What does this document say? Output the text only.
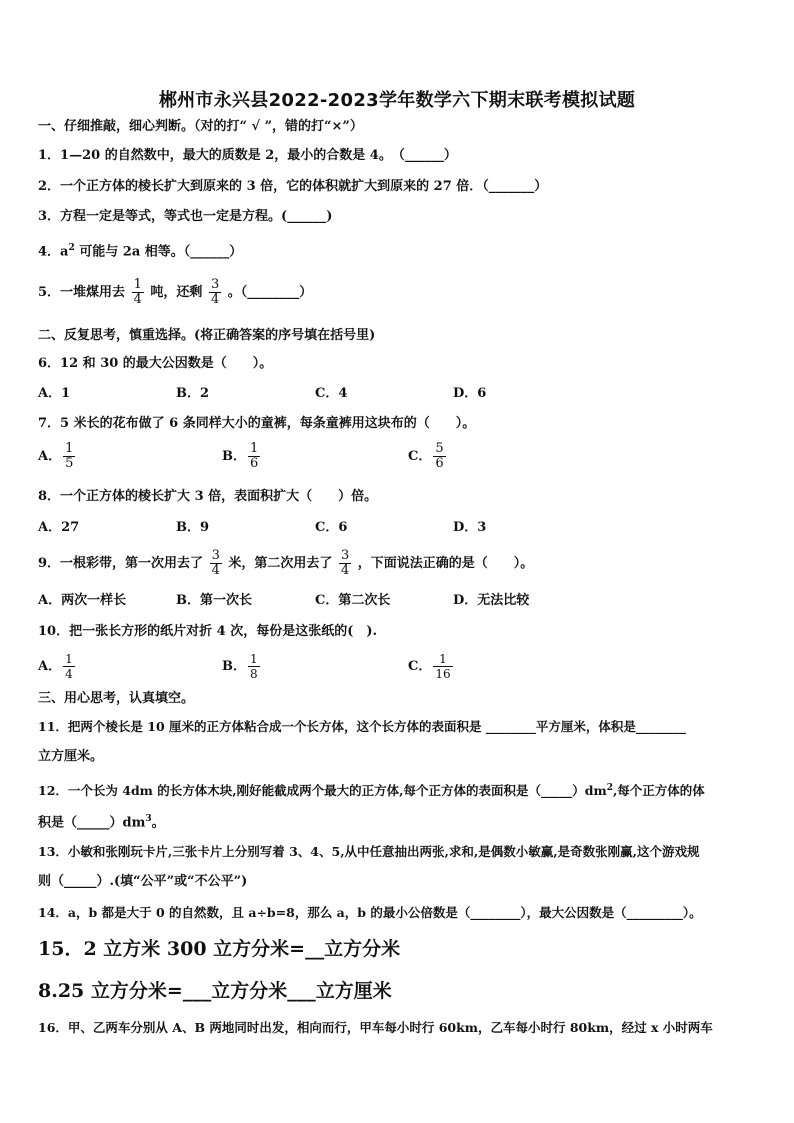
郴州市永兴县2022-2023学年数学六下期末联考模拟试题
一、仔细推敲，细心判断。（对的打“ √ ”，错的打“×”）
1．1—20 的自然数中，最大的质数是 2，最小的合数是 4。　（______）
2．一个正方体的棱长扩大到原来的 3 倍，它的体积就扩大到原来的 27 倍．（_______）
3．方程一定是等式，等式也一定是方程。(______)
4．$a^2$ 可能与 2a 相等。（______）
5．一堆煤用去 $\frac{1}{4}$ 吨，还剩 $\frac{3}{4}$ 。（________）
二、反复思考，慎重选择。(将正确答案的序号填在括号里)
6．12 和 30 的最大公因数是（　　）。
A．1	B．2	C．4	D．6
7．5 米长的花布做了 6 条同样大小的童裤，每条童裤用这块布的（　　）。
A． $\frac{1}{5}$	B． $\frac{1}{6}$	C． $\frac{5}{6}$
8．一个正方体的棱长扩大 3 倍，表面积扩大（　　）倍。
A．27	B．9	C．6	D．3
9．一根彩带，第一次用去了 $\frac{3}{4}$ 米，第二次用去了 $\frac{3}{4}$ ，下面说法正确的是（　　）。
A．两次一样长	B．第一次长	C．第二次长	D．无法比较
10．把一张长方形的纸片对折 4 次，每份是这张纸的(　).
A． $\frac{1}{4}$	B． $\frac{1}{8}$	C． $\frac{1}{16}$
三、用心思考，认真填空。
11．把两个棱长是 10 厘米的正方体粘合成一个长方体，这个长方体的表面积是 ________平方厘米，体积是________
立方厘米。
12．一个长为 4dm 的长方体木块,刚好能截成两个最大的正方体,每个正方体的表面积是$(\_\_\_\_\_)dm^2$,每个正方体的体
积是$(\_\_\_\_\_)dm^3$。
13．小敏和张刚玩卡片,三张卡片上分别写着 3、4、5,从中任意抽出两张,求和,是偶数小敏赢,是奇数张刚赢,这个游戏规
则（_____）.(填“公平”或“不公平”)
14．a，b 都是大于 0 的自然数，且 a÷b=8，那么 a，b 的最小公倍数是（________），最大公因数是（_________）。
15．2 立方米 300 立方分米=__立方分米
8.25 立方分米=___立方分米___立方厘米
16．甲、乙两车分别从 A、B 两地同时出发，相向而行，甲车每小时行 60km，乙车每小时行 80km，经过 x 小时两车
